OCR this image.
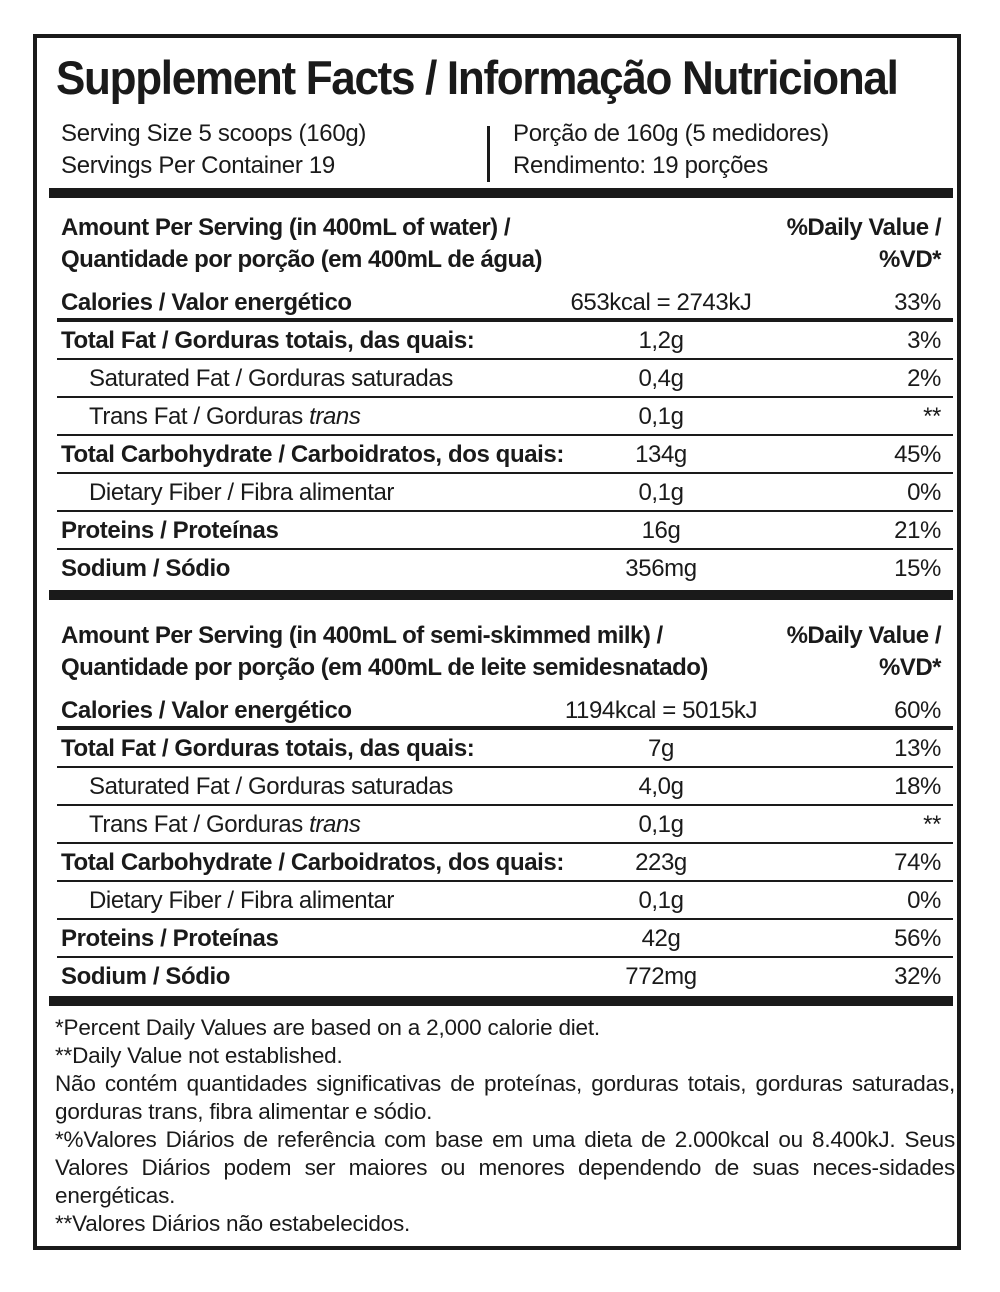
Supplement Facts / Informação Nutricional
Serving Size 5 scoops (160g)
Servings Per Container 19
Porção de 160g (5 medidores)
Rendimento: 19 porções
Amount Per Serving (in 400mL of water) /
Quantidade por porção (em 400mL de água)
%Daily Value /
%VD*
Calories / Valor energético	653kcal = 2743kJ	33%
Total Fat / Gorduras totais, das quais:	1,2g	3%
Saturated Fat / Gorduras saturadas	0,4g	2%
Trans Fat / Gorduras trans	0,1g	**
Total Carbohydrate / Carboidratos, dos quais:	134g	45%
Dietary Fiber / Fibra alimentar	0,1g	0%
Proteins / Proteínas	16g	21%
Sodium / Sódio	356mg	15%
Amount Per Serving (in 400mL of semi-skimmed milk) /
Quantidade por porção (em 400mL de leite semidesnatado)
%Daily Value /
%VD*
Calories / Valor energético	1194kcal = 5015kJ	60%
Total Fat / Gorduras totais, das quais:	7g	13%
Saturated Fat / Gorduras saturadas	4,0g	18%
Trans Fat / Gorduras trans	0,1g	**
Total Carbohydrate / Carboidratos, dos quais:	223g	74%
Dietary Fiber / Fibra alimentar	0,1g	0%
Proteins / Proteínas	42g	56%
Sodium / Sódio	772mg	32%

*Percent Daily Values are based on a 2,000 calorie diet.

**Daily Value not established.

Não contém quantidades significativas de proteínas, gorduras totais, gorduras saturadas, gorduras trans, fibra alimentar e sódio.

*%Valores Diários de referência com base em uma dieta de 2.000kcal ou 8.400kJ. Seus Valores Diários podem ser maiores ou menores dependendo de suas neces-sidades energéticas.

**Valores Diários não estabelecidos.
